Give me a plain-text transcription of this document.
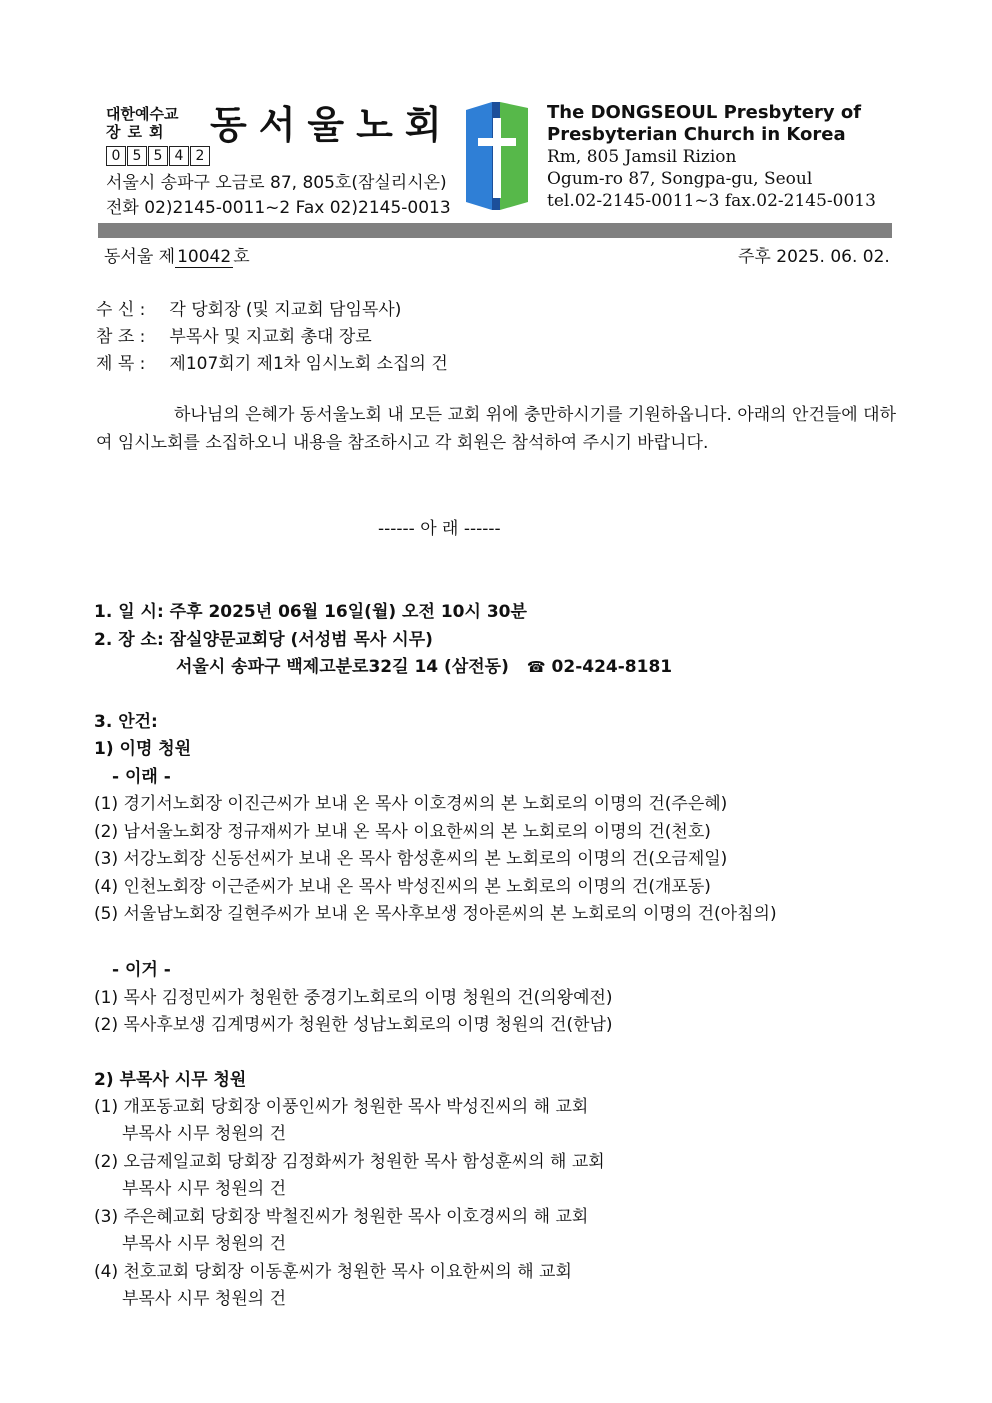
대한예수교
장로회 동서울노회
0 5 5 4 2
서울시 송파구 오금로 87, 805호(잠실리시온)
전화 02)2145-0011~2 Fax 02)2145-0013
The DONGSEOUL Presbytery of
Presbyterian Church in Korea
Rm, 805 Jamsil Rizion
Ogum-ro 87, Songpa-gu, Seoul
tel.02-2145-0011~3 fax.02-2145-0013
동서울 제 10042 호	주후 2025. 06. 02.
수 신 : 각 당회장 (및 지교회 담임목사)
참 조 : 부목사 및 지교회 총대 장로
제 목 : 제107회기 제1차 임시노회 소집의 건
하나님의 은혜가 동서울노회 내 모든 교회 위에 충만하시기를 기원하옵니다. 아래의 안건들에 대하여 임시노회를 소집하오니 내용을 참조하시고 각 회원은 참석하여 주시기 바랍니다.
------ 아 래 ------
1. 일 시: 주후 2025년 06월 16일(월) 오전 10시 30분
2. 장 소: 잠실양문교회당 (서성범 목사 시무)
서울시 송파구 백제고분로32길 14 (삼전동) ☎ 02-424-8181
3. 안건:
1) 이명 청원
- 이래 -
(1) 경기서노회장 이진근씨가 보내 온 목사 이호경씨의 본 노회로의 이명의 건(주은혜)
(2) 남서울노회장 정규재씨가 보내 온 목사 이요한씨의 본 노회로의 이명의 건(천호)
(3) 서강노회장 신동선씨가 보내 온 목사 함성훈씨의 본 노회로의 이명의 건(오금제일)
(4) 인천노회장 이근준씨가 보내 온 목사 박성진씨의 본 노회로의 이명의 건(개포동)
(5) 서울남노회장 길현주씨가 보내 온 목사후보생 정아론씨의 본 노회로의 이명의 건(아침의)
- 이거 -
(1) 목사 김정민씨가 청원한 중경기노회로의 이명 청원의 건(의왕예전)
(2) 목사후보생 김계명씨가 청원한 성남노회로의 이명 청원의 건(한남)
2) 부목사 시무 청원
(1) 개포동교회 당회장 이풍인씨가 청원한 목사 박성진씨의 해 교회
부목사 시무 청원의 건
(2) 오금제일교회 당회장 김정화씨가 청원한 목사 함성훈씨의 해 교회
부목사 시무 청원의 건
(3) 주은혜교회 당회장 박철진씨가 청원한 목사 이호경씨의 해 교회
부목사 시무 청원의 건
(4) 천호교회 당회장 이동훈씨가 청원한 목사 이요한씨의 해 교회
부목사 시무 청원의 건
